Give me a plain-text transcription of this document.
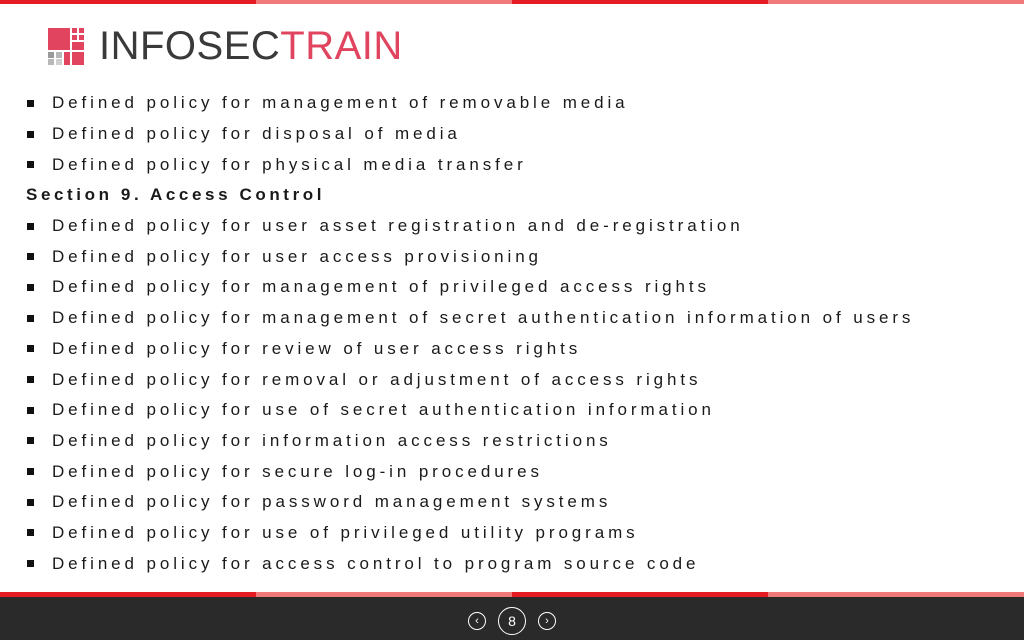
INFOSECTRAIN
Defined policy for management of removable media
Defined policy for disposal of media
Defined policy for physical media transfer
Section 9. Access Control
Defined policy for user asset registration and de-registration
Defined policy for user access provisioning
Defined policy for management of privileged access rights
Defined policy for management of secret authentication information of users
Defined policy for review of user access rights
Defined policy for removal or adjustment of access rights
Defined policy for use of secret authentication information
Defined policy for information access restrictions
Defined policy for secure log-in procedures
Defined policy for password management systems
Defined policy for use of privileged utility programs
Defined policy for access control to program source code
‹ 8	›
